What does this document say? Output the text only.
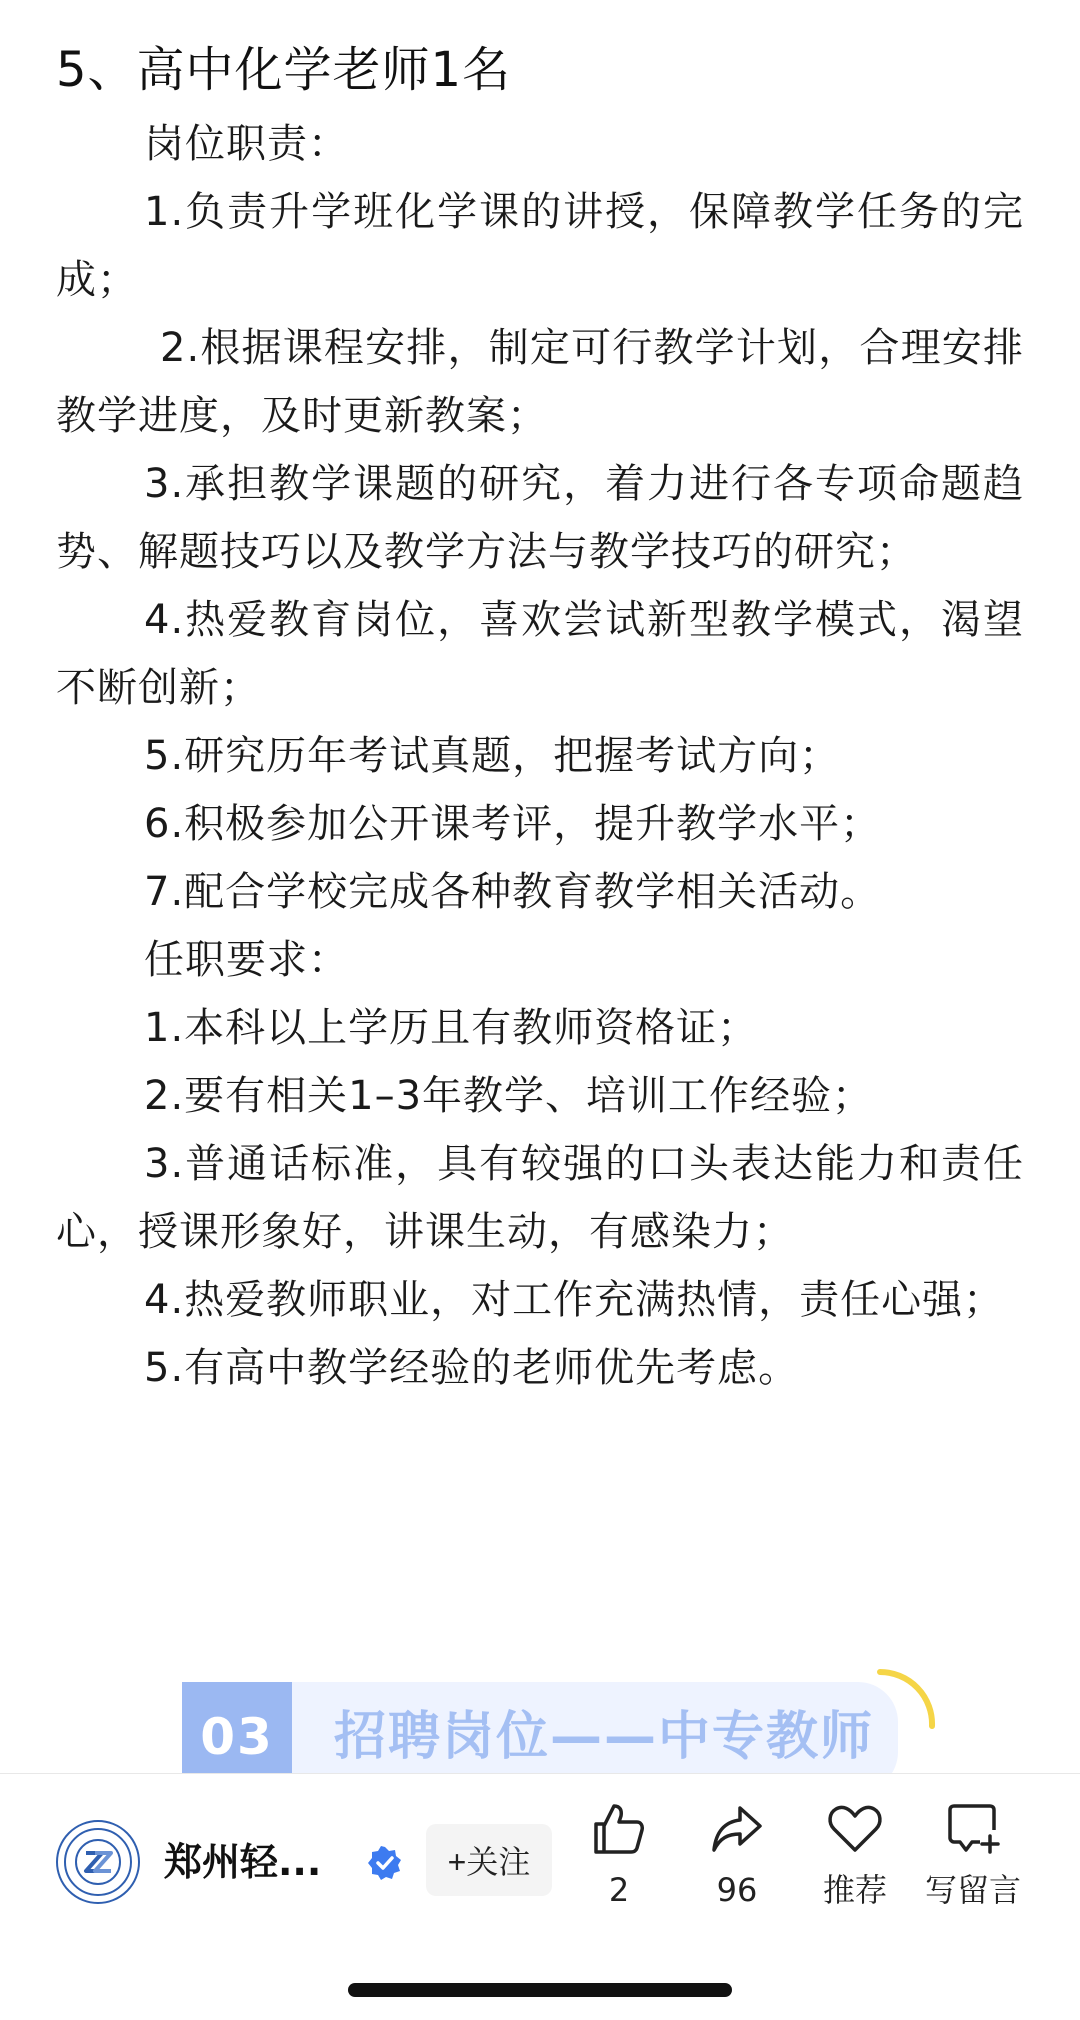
5、高中化学老师1名

岗位职责：

1.负责升学班化学课的讲授，保障教学任务的完成；

2.根据课程安排，制定可行教学计划，合理安排教学进度，及时更新教案；

3.承担教学课题的研究，着力进行各专项命题趋势、解题技巧以及教学方法与教学技巧的研究；

4.热爱教育岗位，喜欢尝试新型教学模式，渴望不断创新；

5.研究历年考试真题，把握考试方向；

6.积极参加公开课考评，提升教学水平；

7.配合学校完成各种教育教学相关活动。

任职要求：

1.本科以上学历且有教师资格证；

2.要有相关1–3年教学、培训工作经验；

3.普通话标准，具有较强的口头表达能力和责任心，授课形象好，讲课生动，有感染力；

4.热爱教师职业，对工作充满热情，责任心强；

5.有高中教学经验的老师优先考虑。

03	招聘岗位——中专教师
郑州轻...	+关注
2	96 推荐 写留言
